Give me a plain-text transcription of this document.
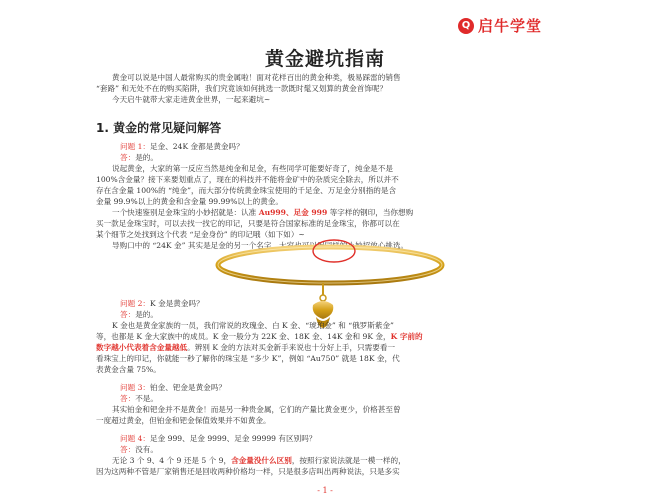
Q 启牛学堂
黄金避坑指南
黄金可以说是中国人最常购买的贵金属啦！面对花样百出的黄金种类，极易踩雷的销售
“套路” 和无处不在的购买陷阱，我们究竟该如何挑选一款既时髦又划算的黄金首饰呢？
今天启牛就带大家走进黄金世界，一起来避坑~
1. 黄金的常见疑问解答
问题 1：足金、24K 金都是黄金吗？
答：是的。
说起黄金，大家的第一反应当然是纯金和足金，有些同学可能要好奇了，纯金是不是
100%含金量？接下来要划重点了，现在的科技并不能将金矿中的杂质完全除去，所以并不
存在含金量 100%的 “纯金”，而大部分传统黄金珠宝使用的千足金、万足金分别指的是含
金量 99.9%以上的黄金和含金量 99.99%以上的黄金。
一个快速鉴别足金珠宝的小妙招就是：认准 Au999、足金 999 等字样的钢印，当你想购
买一款足金珠宝时，可以去找一找它的印记，只要是符合国家标准的足金珠宝，你都可以在
某个细节之处找到这个代表 “足金身份” 的印记哦（如下如）~
导购口中的 “24K 金” 其实是足金的另一个名字，大家也可以用同样的小妙招放心挑选。
问题 2：K 金是黄金吗？
答：是的。
K 金也是黄金家族的一员，我们常说的玫瑰金、白 K 金、“琥珀金” 和 “俄罗斯紫金”
等，也都是 K 金大家族中的成员。K 金一般分为 22K 金、18K 金、14K 金和 9K 金，K 字前的
数字越小代表着含金量越低。辨别 K 金的方法对买金新手来说也十分好上手，只需要看一
看珠宝上的印记，你就能一秒了解你的珠宝是 “多少 K”，例如 “Au750” 就是 18K 金，代
表黄金含量 75%。
问题 3：铂金、钯金是黄金吗？
答：不是。
其实铂金和钯金并不是黄金！而是另一种贵金属，它们的产量比黄金更少，价格甚至曾
一度超过黄金，但铂金和钯金保值效果并不如黄金。
问题 4：足金 999、足金 9999、足金 99999 有区别吗？
答：没有。
无论 3 个 9、4 个 9 还是 5 个 9，含金量没什么区别，按照行家说法就是一模一样的，
因为这两种不管是厂家销售还是回收两种价格均一样，只是很多店叫出两种说法，只是多实
- 1 -
